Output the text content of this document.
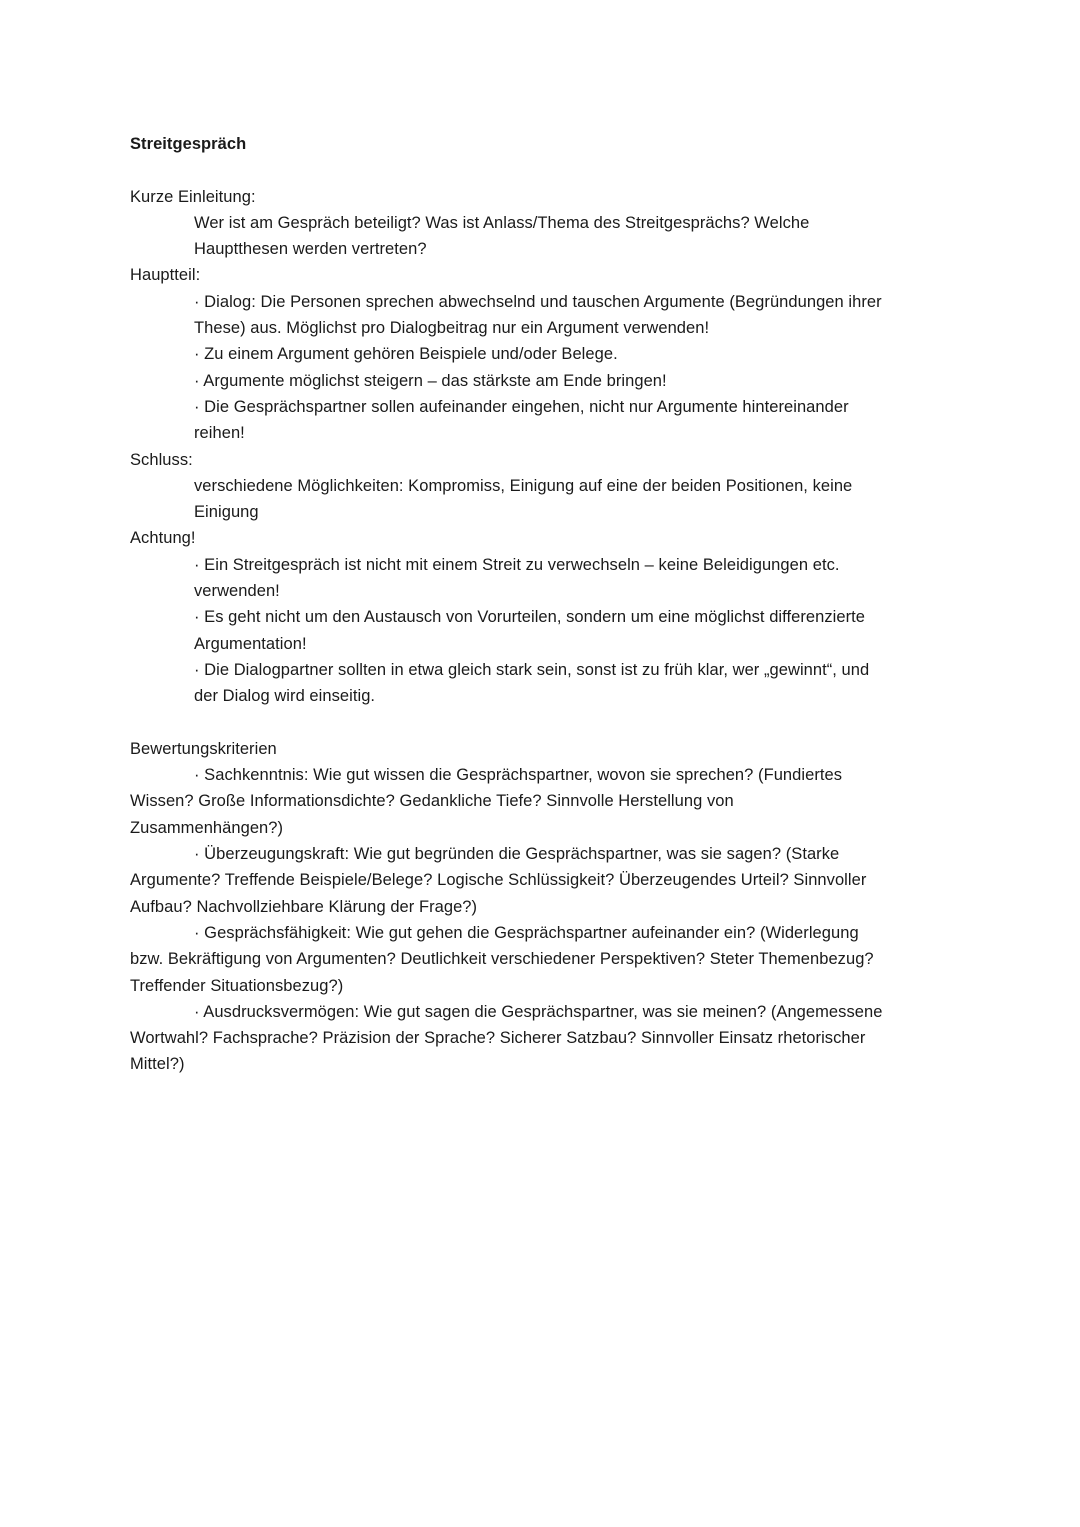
Streitgespräch

Kurze Einleitung:

Wer ist am Gespräch beteiligt? Was ist Anlass/Thema des Streitgesprächs? Welche Hauptthesen werden vertreten?

Hauptteil:

· Dialog: Die Personen sprechen abwechselnd und tauschen Argumente (Begründungen ihrer These) aus. Möglichst pro Dialogbeitrag nur ein Argument verwenden!

· Zu einem Argument gehören Beispiele und/oder Belege.

· Argumente möglichst steigern – das stärkste am Ende bringen!

· Die Gesprächspartner sollen aufeinander eingehen, nicht nur Argumente hintereinander reihen!

Schluss:

verschiedene Möglichkeiten: Kompromiss, Einigung auf eine der beiden Positionen, keine Einigung

Achtung!

· Ein Streitgespräch ist nicht mit einem Streit zu verwechseln – keine Beleidigungen etc. verwenden!

· Es geht nicht um den Austausch von Vorurteilen, sondern um eine möglichst differenzierte Argumentation!

· Die Dialogpartner sollten in etwa gleich stark sein, sonst ist zu früh klar, wer „gewinnt“, und der Dialog wird einseitig.

Bewertungskriterien

· Sachkenntnis: Wie gut wissen die Gesprächspartner, wovon sie sprechen? (Fundiertes Wissen? Große Informationsdichte? Gedankliche Tiefe? Sinnvolle Herstellung von Zusammenhängen?)

· Überzeugungskraft: Wie gut begründen die Gesprächspartner, was sie sagen? (Starke Argumente? Treffende Beispiele/Belege? Logische Schlüssigkeit? Überzeugendes Urteil? Sinnvoller Aufbau? Nachvollziehbare Klärung der Frage?)

· Gesprächsfähigkeit: Wie gut gehen die Gesprächspartner aufeinander ein? (Widerlegung bzw. Bekräftigung von Argumenten? Deutlichkeit verschiedener Perspektiven? Steter Themenbezug? Treffender Situationsbezug?)

· Ausdrucksvermögen: Wie gut sagen die Gesprächspartner, was sie meinen? (Angemessene Wortwahl? Fachsprache? Präzision der Sprache? Sicherer Satzbau? Sinnvoller Einsatz rhetorischer Mittel?)
